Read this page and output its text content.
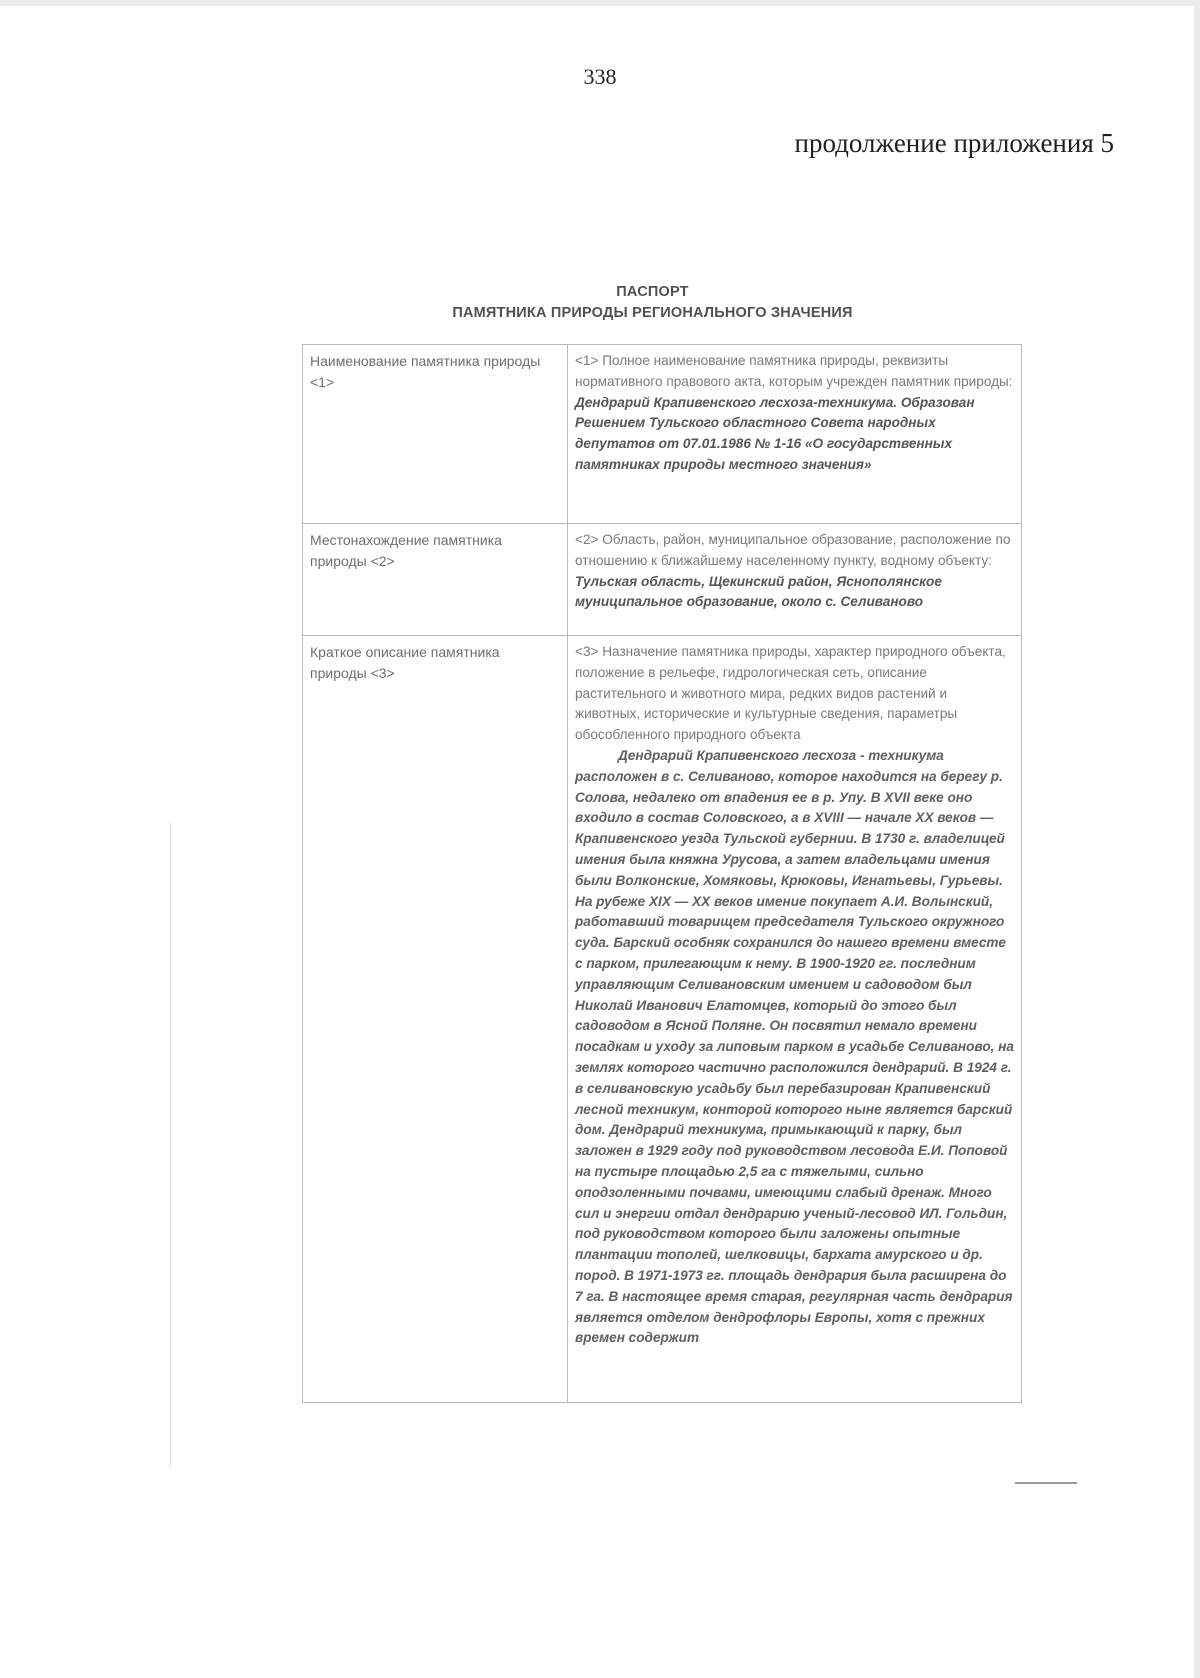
338
продолжение приложения 5
ПАСПОРТ
ПАМЯТНИКА ПРИРОДЫ РЕГИОНАЛЬНОГО ЗНАЧЕНИЯ
Наименование памятника природы <1>	<1> Полное наименование памятника природы, реквизиты нормативного правового акта, которым учрежден памятник природы:
Дендрарий Крапивенского лесхоза-техникума. Образован Решением Тульского областного Совета народных депутатов от 07.01.1986 № 1-16 «О государственных памятниках природы местного значения»

Местонахождение памятника природы <2>	<2> Область, район, муниципальное образование, расположение по отношению к ближайшему населенному пункту, водному объекту:
Тульская область, Щекинский район, Яснополянское муниципальное образование, около с. Селиваново

Краткое описание памятника природы <3>	<3> Назначение памятника природы, характер природного объекта, положение в рельефе, гидрологическая сеть, описание растительного и животного мира, редких видов растений и животных, исторические и культурные сведения, параметры обособленного природного объекта
Дендрарий Крапивенского лесхоза - техникума расположен в с. Селиваново, которое находится на берегу р. Солова, недалеко от впадения ее в р. Упу. В XVII веке оно входило в состав Соловского, а в XVIII — начале XX веков — Крапивенского уезда Тульской губернии. В 1730 г. владелицей имения была княжна Урусова, а затем владельцами имения были Волконские, Хомяковы, Крюковы, Игнатьевы, Гурьевы. На рубеже XIX — XX веков имение покупает А.И. Волынский, работавший товарищем председателя Тульского окружного суда. Барский особняк сохранился до нашего времени вместе с парком, прилегающим к нему. В 1900-1920 гг. последним управляющим Селивановским имением и садоводом был Николай Иванович Елатомцев, который до этого был садоводом в Ясной Поляне. Он посвятил немало времени посадкам и уходу за липовым парком в усадьбе Селиваново, на землях которого частично расположился дендрарий. В 1924 г. в селивановскую усадьбу был перебазирован Крапивенский лесной техникум, конторой которого ныне является барский дом. Дендрарий техникума, примыкающий к парку, был заложен в 1929 году под руководством лесовода Е.И. Поповой на пустыре площадью 2,5 га с тяжелыми, сильно оподзоленными почвами, имеющими слабый дренаж. Много сил и энергии отдал дендрарию ученый-лесовод ИЛ. Гольдин, под руководством которого были заложены опытные плантации тополей, шелковицы, бархата амурского и др. пород. В 1971-1973 гг. площадь дендрария была расширена до 7 га. В настоящее время старая, регулярная часть дендрария является отделом дендрофлоры Европы, хотя с прежних времен содержит
